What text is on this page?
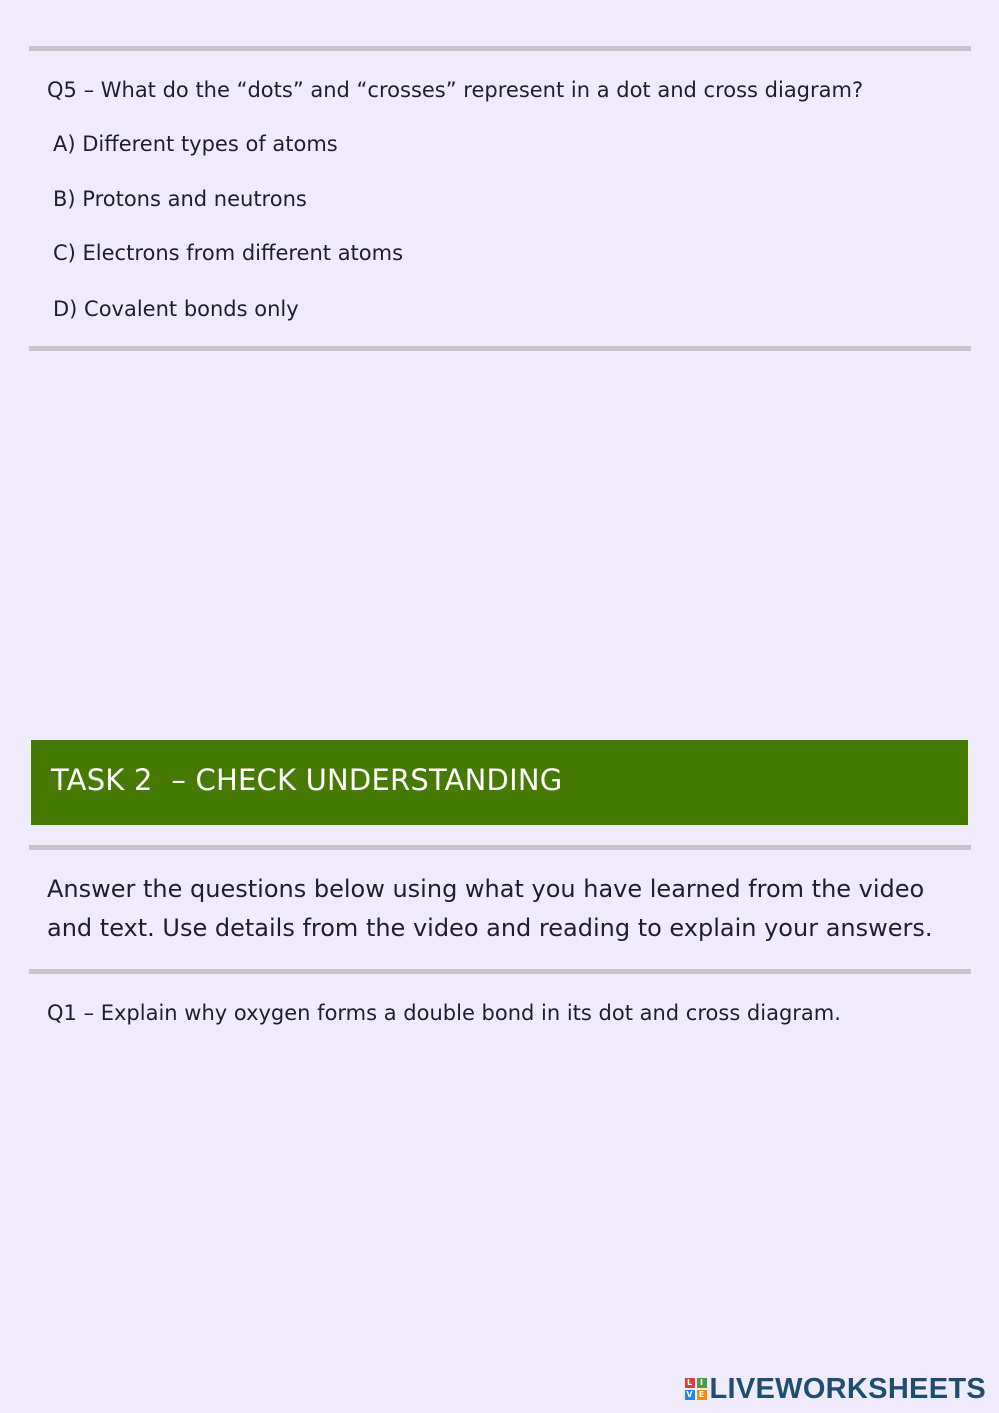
Q5 – What do the “dots” and “crosses” represent in a dot and cross diagram?
A) Different types of atoms
B) Protons and neutrons
C) Electrons from different atoms
D) Covalent bonds only
TASK 2  – CHECK UNDERSTANDING
Answer the questions below using what you have learned from the video and text. Use details from the video and reading to explain your answers.
Q1 – Explain why oxygen forms a double bond in its dot and cross diagram.
L I
V E LIVEWORKSHEETS
